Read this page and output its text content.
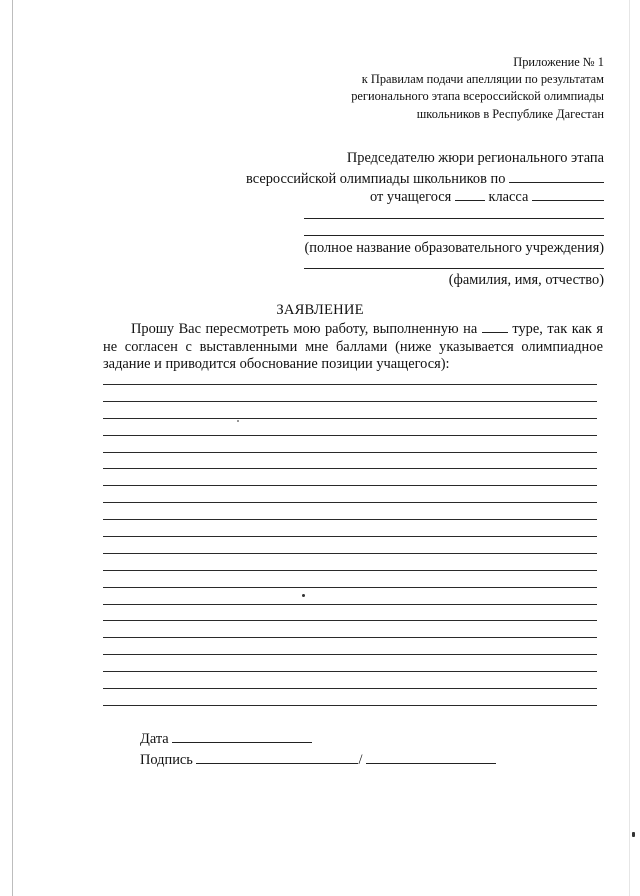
Приложение № 1
к Правилам подачи апелляции по результатам
регионального этапа всероссийской олимпиады
школьников в Республике Дагестан
Председателю жюри регионального этапа
всероссийской олимпиады школьников по
от учащегося	класса
(полное название образовательного учреждения)
(фамилия, имя, отчество)
ЗАЯВЛЕНИЕ

Прошу Вас пересмотреть мою работу, выполненную на туре, так как я не согласен с выставленными мне баллами (ниже указывается олимпиадное задание и приводится обоснование позиции учащегося):

Дата
Подпись	/
